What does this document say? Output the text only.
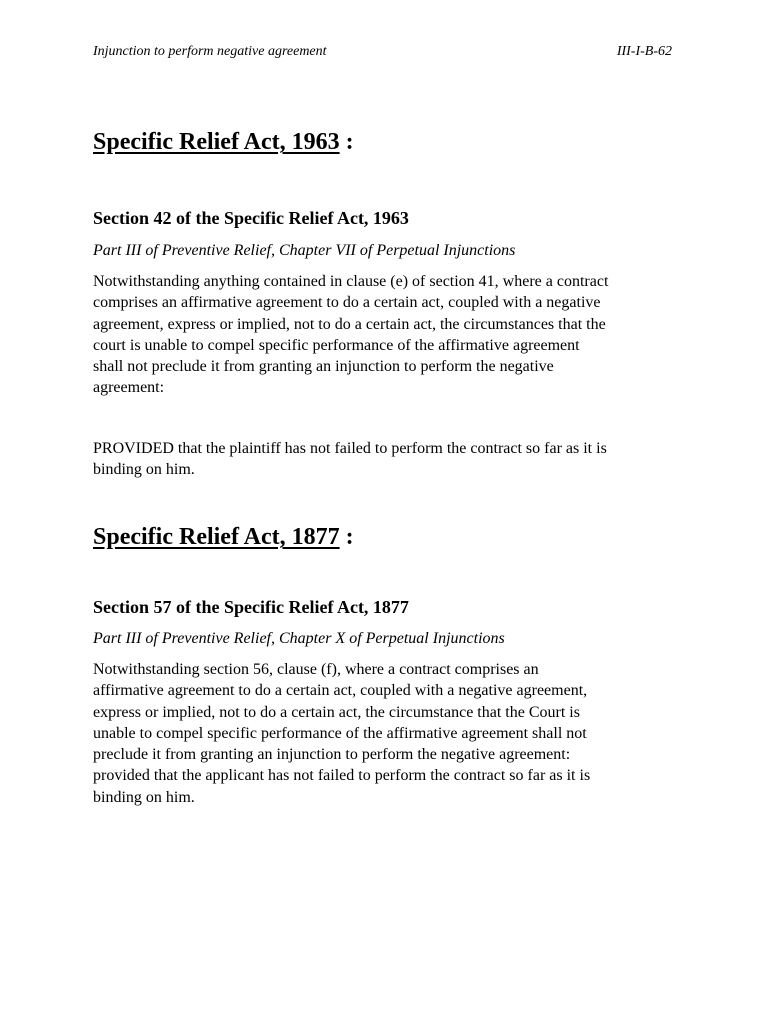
Injunction to perform negative agreement	III-I-B-62
Specific Relief Act, 1963 :
Section 42 of the Specific Relief Act, 1963

Part III of Preventive Relief, Chapter VII of Perpetual Injunctions

Notwithstanding anything contained in clause (e) of section 41, where a contract
comprises an affirmative agreement to do a certain act, coupled with a negative
agreement, express or implied, not to do a certain act, the circumstances that the
court is unable to compel specific performance of the affirmative agreement
shall not preclude it from granting an injunction to perform the negative
agreement:

PROVIDED that the plaintiff has not failed to perform the contract so far as it is
binding on him.

Specific Relief Act, 1877 :
Section 57 of the Specific Relief Act, 1877

Part III of Preventive Relief, Chapter X of Perpetual Injunctions

Notwithstanding section 56, clause (f), where a contract comprises an
affirmative agreement to do a certain act, coupled with a negative agreement,
express or implied, not to do a certain act, the circumstance that the Court is
unable to compel specific performance of the affirmative agreement shall not
preclude it from granting an injunction to perform the negative agreement:
provided that the applicant has not failed to perform the contract so far as it is
binding on him.
